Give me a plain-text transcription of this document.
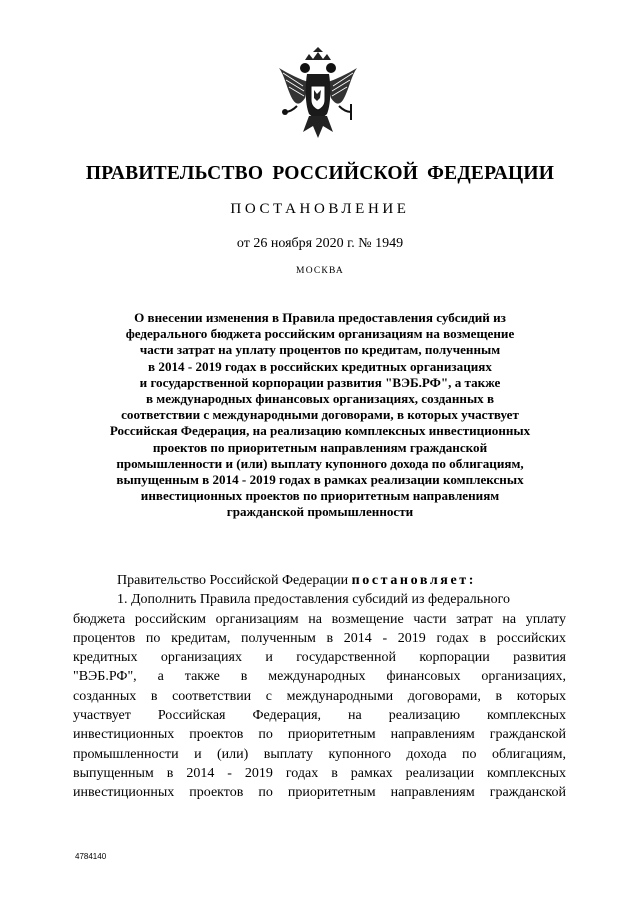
ПРАВИТЕЛЬСТВО РОССИЙСКОЙ ФЕДЕРАЦИИ
ПОСТАНОВЛЕНИЕ
от 26 ноября 2020 г. № 1949
МОСКВА
О внесении изменения в Правила предоставления субсидий из
федерального бюджета российским организациям на возмещение
части затрат на уплату процентов по кредитам, полученным
в 2014 - 2019 годах в российских кредитных организациях
и государственной корпорации развития "ВЭБ.РФ", а также
в международных финансовых организациях, созданных в
соответствии с международными договорами, в которых участвует
Российская Федерация, на реализацию комплексных инвестиционных
проектов по приоритетным направлениям гражданской
промышленности и (или) выплату купонного дохода по облигациям,
выпущенным в 2014 - 2019 годах в рамках реализации комплексных
инвестиционных проектов по приоритетным направлениям
гражданской промышленности
Правительство Российской Федерации постановляет:
1. Дополнить Правила предоставления субсидий из федерального
бюджета российским организациям на возмещение части затрат на уплату
процентов по кредитам, полученным в 2014 - 2019 годах в российских
кредитных организациях и государственной корпорации развития
"ВЭБ.РФ", а также в международных финансовых организациях,
созданных в соответствии с международными договорами, в которых
участвует Российская Федерация, на реализацию комплексных
инвестиционных проектов по приоритетным направлениям гражданской
промышленности и (или) выплату купонного дохода по облигациям,
выпущенным в 2014 - 2019 годах в рамках реализации комплексных
инвестиционных проектов по приоритетным направлениям гражданской
4784140
